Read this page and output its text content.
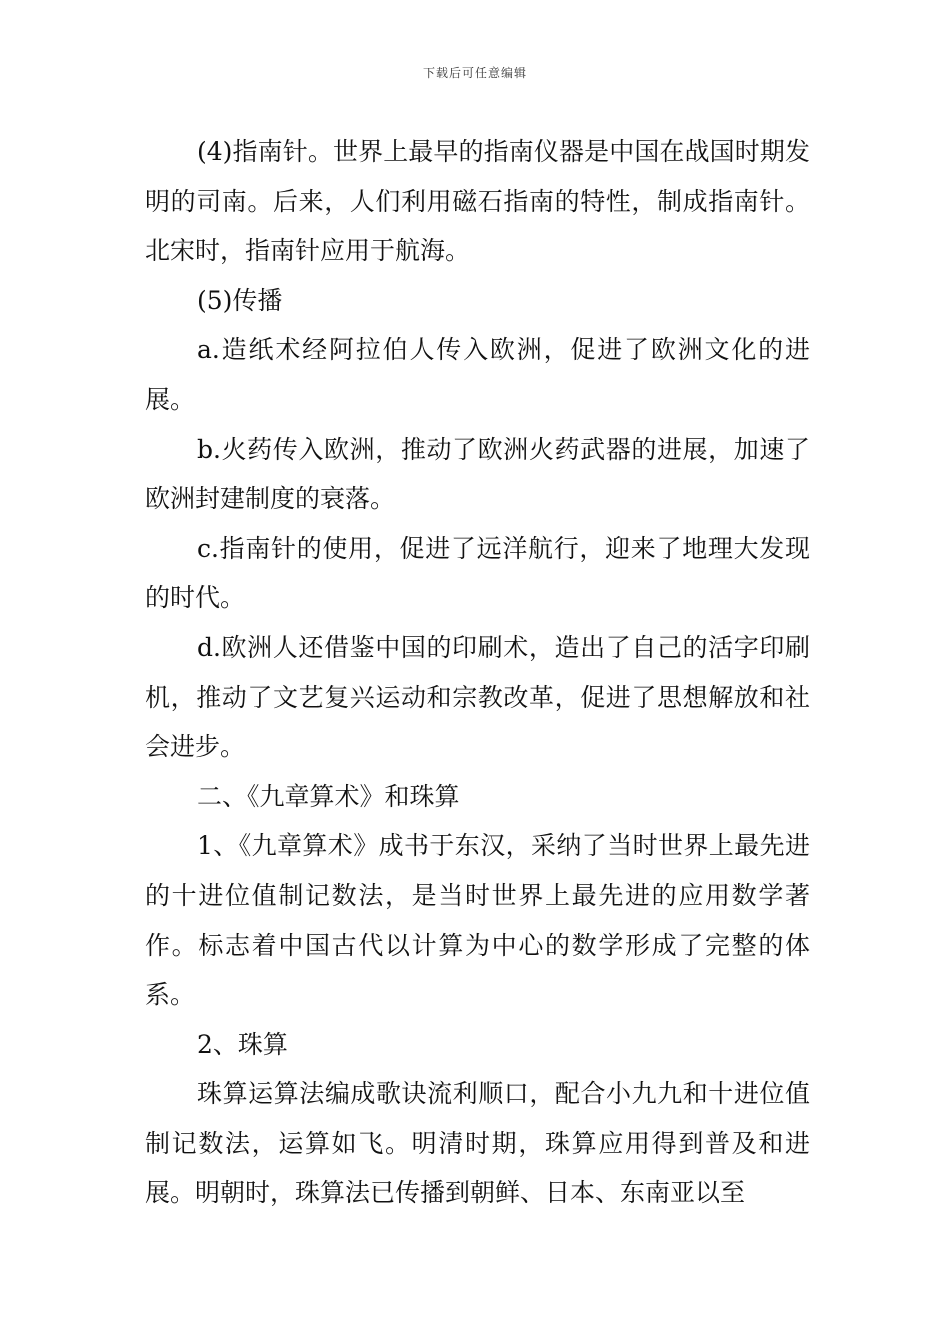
下载后可任意编辑

(4)指南针。世界上最早的指南仪器是中国在战国时期发明的司南。后来，人们利用磁石指南的特性，制成指南针。北宋时，指南针应用于航海。

(5)传播

a.造纸术经阿拉伯人传入欧洲，促进了欧洲文化的进展。

b.火药传入欧洲，推动了欧洲火药武器的进展，加速了欧洲封建制度的衰落。

c.指南针的使用，促进了远洋航行，迎来了地理大发现的时代。

d.欧洲人还借鉴中国的印刷术，造出了自己的活字印刷机，推动了文艺复兴运动和宗教改革，促进了思想解放和社会进步。

二、《九章算术》和珠算

1、《九章算术》成书于东汉，采纳了当时世界上最先进的十进位值制记数法，是当时世界上最先进的应用数学著作。标志着中国古代以计算为中心的数学形成了完整的体系。

2、珠算

珠算运算法编成歌诀流利顺口，配合小九九和十进位值制记数法，运算如飞。明清时期，珠算应用得到普及和进展。明朝时，珠算法已传播到朝鲜、日本、东南亚以至
